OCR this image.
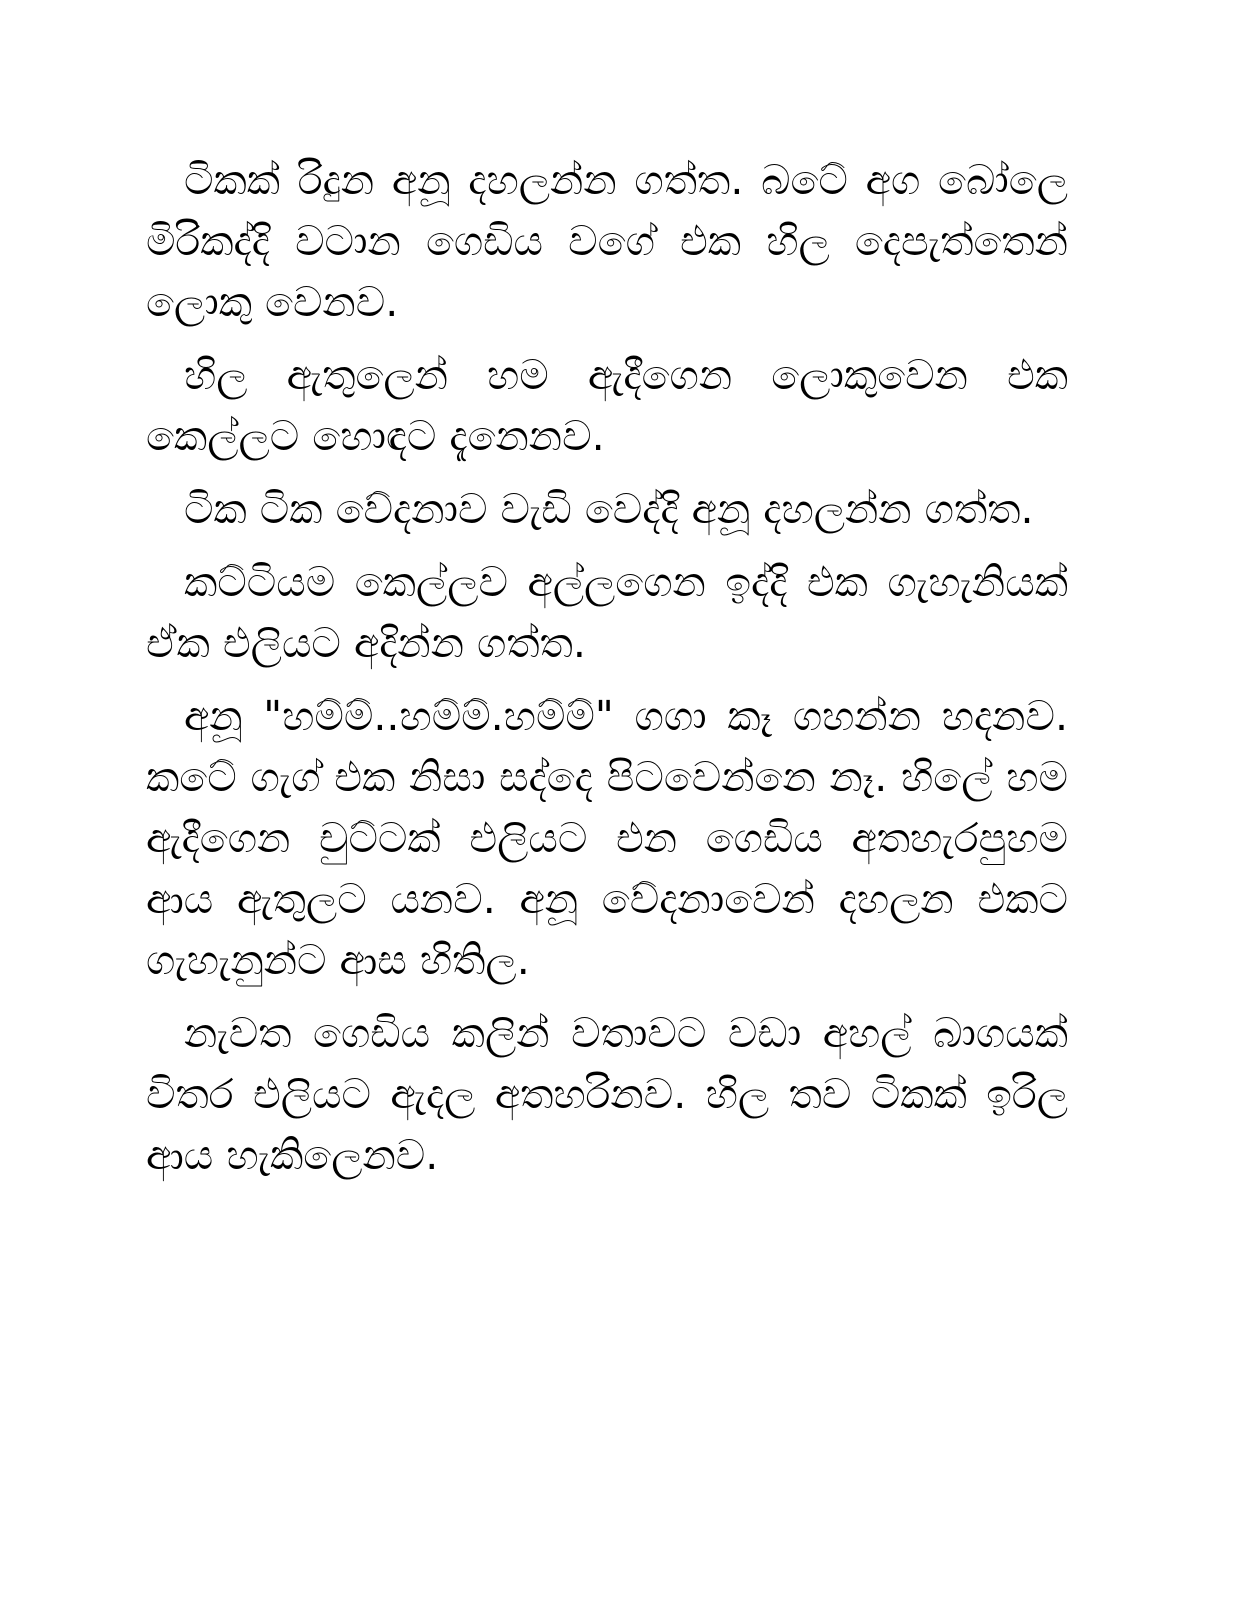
ටිකක් රිදුන අනූ දහලන්න ගත්ත. බටේ අග බෝලෙ මිරිකද්දි වටාන ගෙඩිය වගේ එක හිල දෙපැත්තෙන් ලොකු වෙනව.

හිල ඇතුලෙන් හම ඇදීගෙන ලොකුවෙන එක කෙල්ලට හොඳට දැනෙනව.

ටික ටික වේදනාව වැඩි වෙද්දි අනූ දහලන්න ගත්ත.

කට්ටියම කෙල්ලව අල්ලගෙන ඉද්දි එක ගැහැනියක් ඒක එලියට අදින්න ගත්ත.

අනූ "හම්ම්..හම්ම්.හම්ම්" ගගා කෑ ගහන්න හදනව. කටේ ගැග් එක නිසා සද්දෙ පිටවෙන්නෙ නෑ. හිලේ හම ඇදීගෙන චුට්ටක් එලියට එන ගෙඩිය අතහැරපුහම ආය ඇතුලට යනව. අනූ වේදනාවෙන් දහලන එකට ගැහැනුන්ට ආස හිතිල.

නැවත ගෙඩිය කලින් වතාවට වඩා අහල් බාගයක් විතර එලියට ඇදල අතහරිනව. හිල තව ටිකක් ඉරිල ආය හැකිලෙනව.
